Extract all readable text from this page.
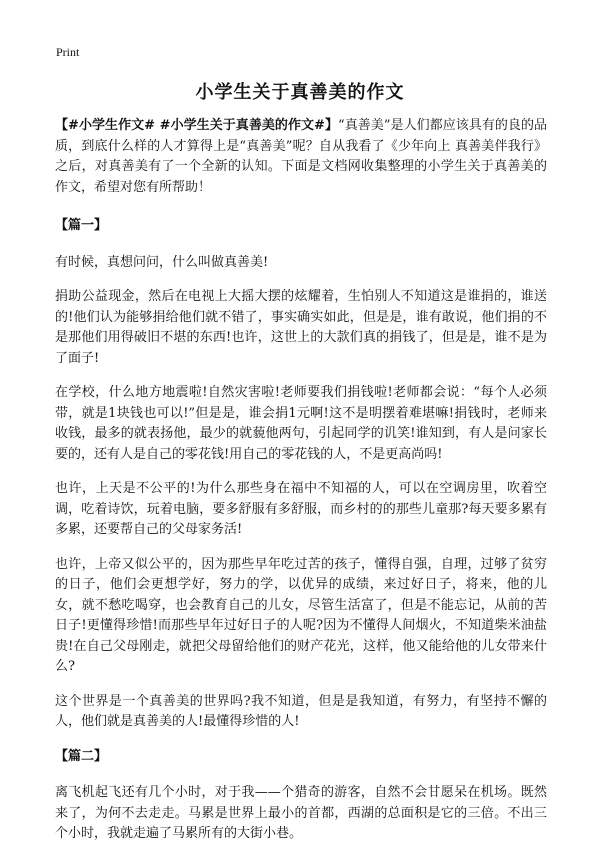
Print
小学生关于真善美的作文

【#小学生作文# #小学生关于真善美的作文#】“真善美”是人们都应该具有的良的品质，到底什么样的人才算得上是“真善美”呢？自从我看了《少年向上 真善美伴我行》之后，对真善美有了一个全新的认知。下面是文档网收集整理的小学生关于真善美的作文，希望对您有所帮助！

【篇一】

有时候，真想问问，什么叫做真善美!

捐助公益现金，然后在电视上大摇大摆的炫耀着，生怕别人不知道这是谁捐的，谁送的!他们认为能够捐给他们就不错了，事实确实如此，但是是，谁有敢说，他们捐的不是那他们用得破旧不堪的东西!也许，这世上的大款们真的捐钱了，但是是，谁不是为了面子!

在学校，什么地方地震啦!自然灾害啦!老师要我们捐钱啦!老师都会说：“每个人必须带，就是1块钱也可以!”但是是，谁会捐1元啊!这不是明摆着难堪嘛!捐钱时，老师来收钱，最多的就表扬他，最少的就藐他两句，引起同学的讥笑!谁知到，有人是问家长要的，还有人是自己的零花钱!用自己的零花钱的人，不是更高尚吗!

也许，上天是不公平的!为什么那些身在福中不知福的人，可以在空调房里，吹着空调，吃着诗饮，玩着电脑，要多舒服有多舒服，而乡村的的那些儿童那?每天要多累有多累，还要帮自己的父母家务活!

也许，上帝又似公平的，因为那些早年吃过苦的孩子，懂得自强，自理，过够了贫穷的日子，他们会更想学好，努力的学，以优异的成绩，来过好日子，将来，他的儿女，就不愁吃喝穿，也会教育自己的儿女，尽管生活富了，但是不能忘记，从前的苦日子!更懂得珍惜!而那些早年过好日子的人呢?因为不懂得人间烟火，不知道柴米油盐贵!在自己父母刚走，就把父母留给他们的财产花光，这样，他又能给他的儿女带来什么?

这个世界是一个真善美的世界吗?我不知道，但是是我知道，有努力，有坚持不懈的人，他们就是真善美的人!最懂得珍惜的人!

【篇二】

离飞机起飞还有几个小时，对于我——个猎奇的游客，自然不会甘愿呆在机场。既然来了，为何不去走走。马累是世界上最小的首都，西湖的总面积是它的三倍。不出三个小时，我就走遍了马累所有的大街小巷。
